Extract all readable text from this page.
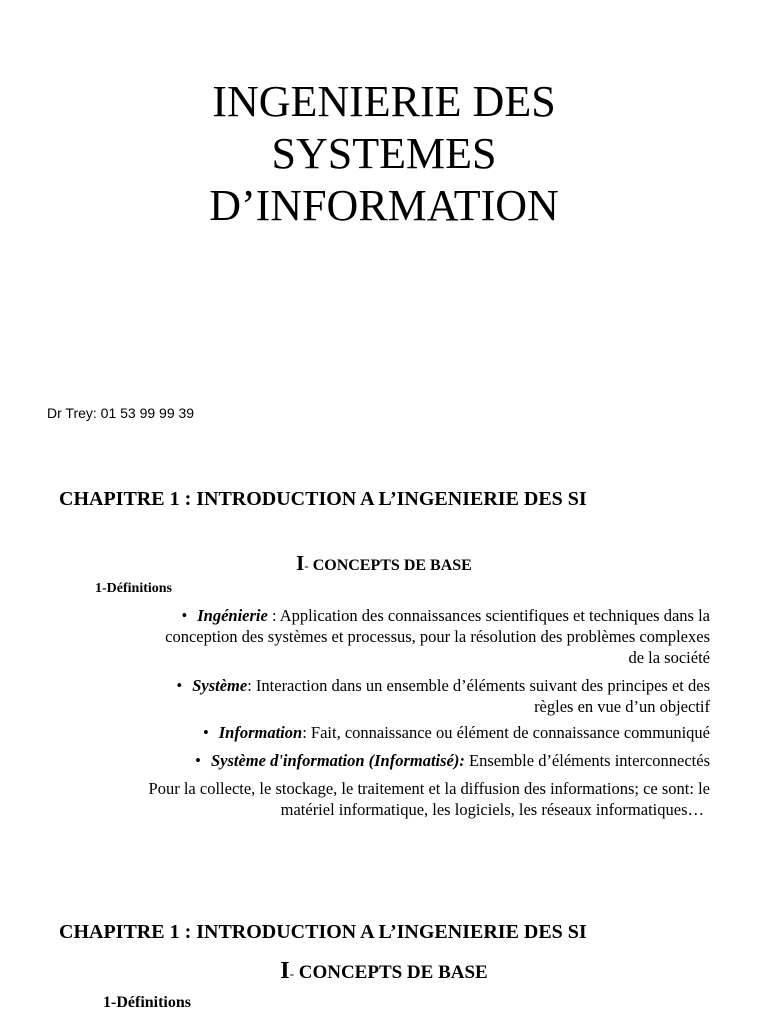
INGENIERIE DES
SYSTEMES
D’INFORMATION
Dr Trey: 01 53 99 99 39
CHAPITRE 1 : INTRODUCTION A L’INGENIERIE DES SI
I- CONCEPTS DE BASE
1-Définitions
• Ingénierie : Application des connaissances scientifiques et techniques dans la
conception des systèmes et processus, pour la résolution des problèmes complexes
de la société
• Système: Interaction dans un ensemble d’éléments suivant des principes et des
règles en vue d’un objectif
• Information: Fait, connaissance ou élément de connaissance communiqué
• Système d'information (Informatisé): Ensemble d’éléments interconnectés
Pour la collecte, le stockage, le traitement et la diffusion des informations; ce sont: le
matériel informatique, les logiciels, les réseaux informatiques…
CHAPITRE 1 : INTRODUCTION A L’INGENIERIE DES SI
I- CONCEPTS DE BASE
1-Définitions
